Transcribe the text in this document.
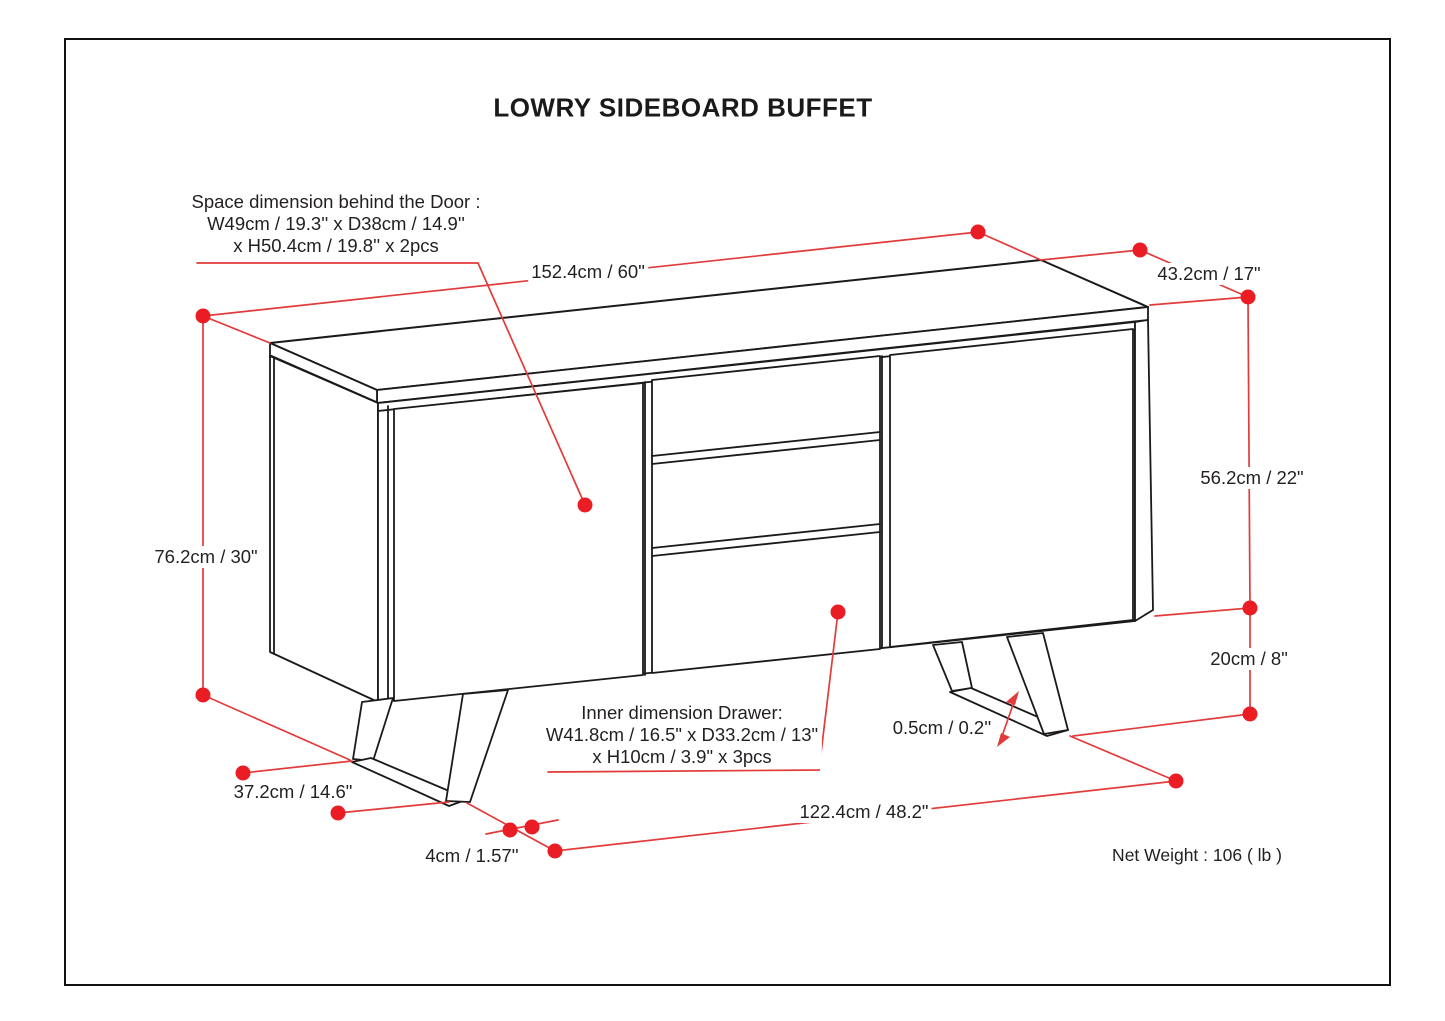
LOWRY SIDEBOARD BUFFET
Space dimension behind the Door :
W49cm / 19.3'' x D38cm / 14.9''
x H50.4cm / 19.8'' x 2pcs
152.4cm / 60"	43.2cm / 17"
56.2cm / 22"
20cm / 8"
76.2cm / 30"
37.2cm / 14.6"
4cm / 1.57''
0.5cm / 0.2''
122.4cm / 48.2"
Inner dimension Drawer:
W41.8cm / 16.5" x D33.2cm / 13"
x H10cm / 3.9" x 3pcs
Net Weight : 106 ( lb )
